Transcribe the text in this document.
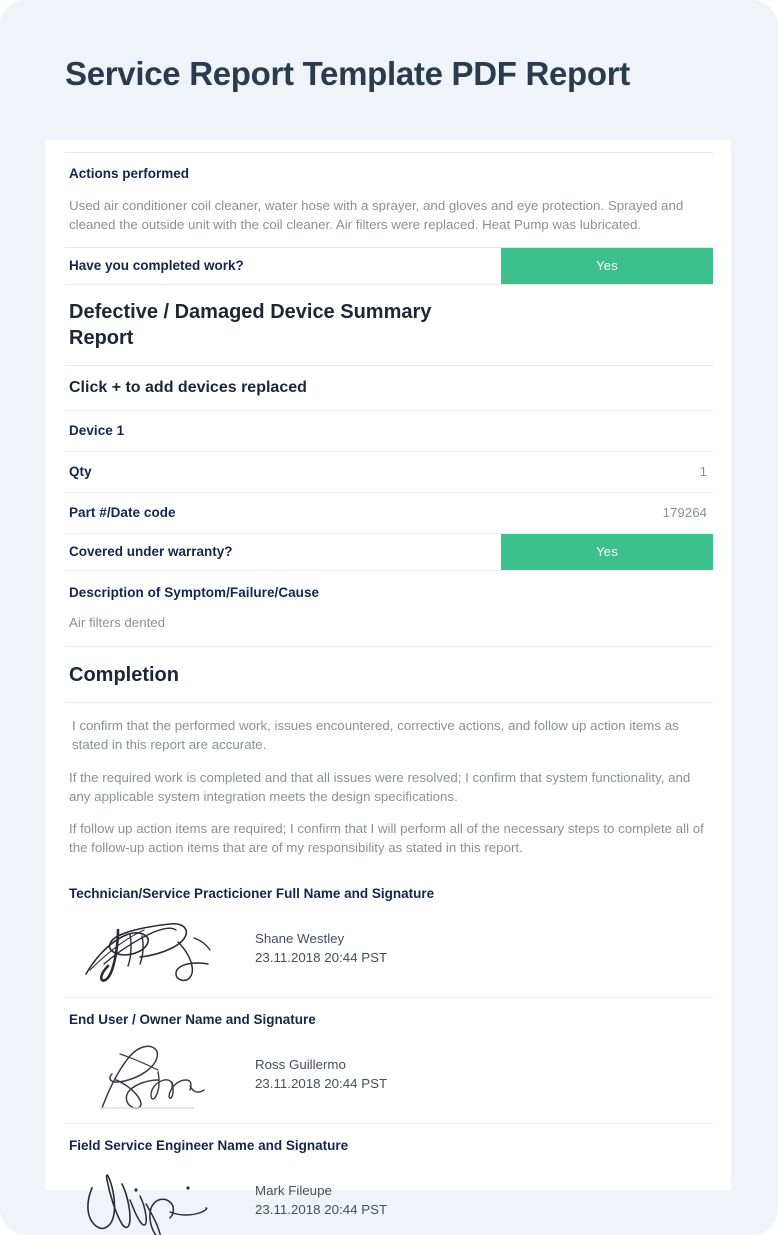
Service Report Template PDF Report
Actions performed
Used air conditioner coil cleaner, water hose with a sprayer, and gloves and eye protection. Sprayed and cleaned the outside unit with the coil cleaner. Air filters were replaced. Heat Pump was lubricated.
Have you completed work?	Yes
Defective / Damaged Device Summary Report
Click + to add devices replaced
Device 1
Qty	1
Part #/Date code	179264
Covered under warranty?	Yes
Description of Symptom/Failure/Cause
Air filters dented
Completion
I confirm that the performed work, issues encountered, corrective actions, and follow up action items as stated in this report are accurate.
If the required work is completed and that all issues were resolved; I confirm that system functionality, and any applicable system integration meets the design specifications.
If follow up action items are required; I confirm that I will perform all of the necessary steps to complete all of the follow-up action items that are of my responsibility as stated in this report.
Technician/Service Practicioner Full Name and Signature
Shane Westley
23.11.2018 20:44 PST
End User / Owner Name and Signature
Ross Guillermo
23.11.2018 20:44 PST
Field Service Engineer Name and Signature
Mark Fileupe
23.11.2018 20:44 PST
